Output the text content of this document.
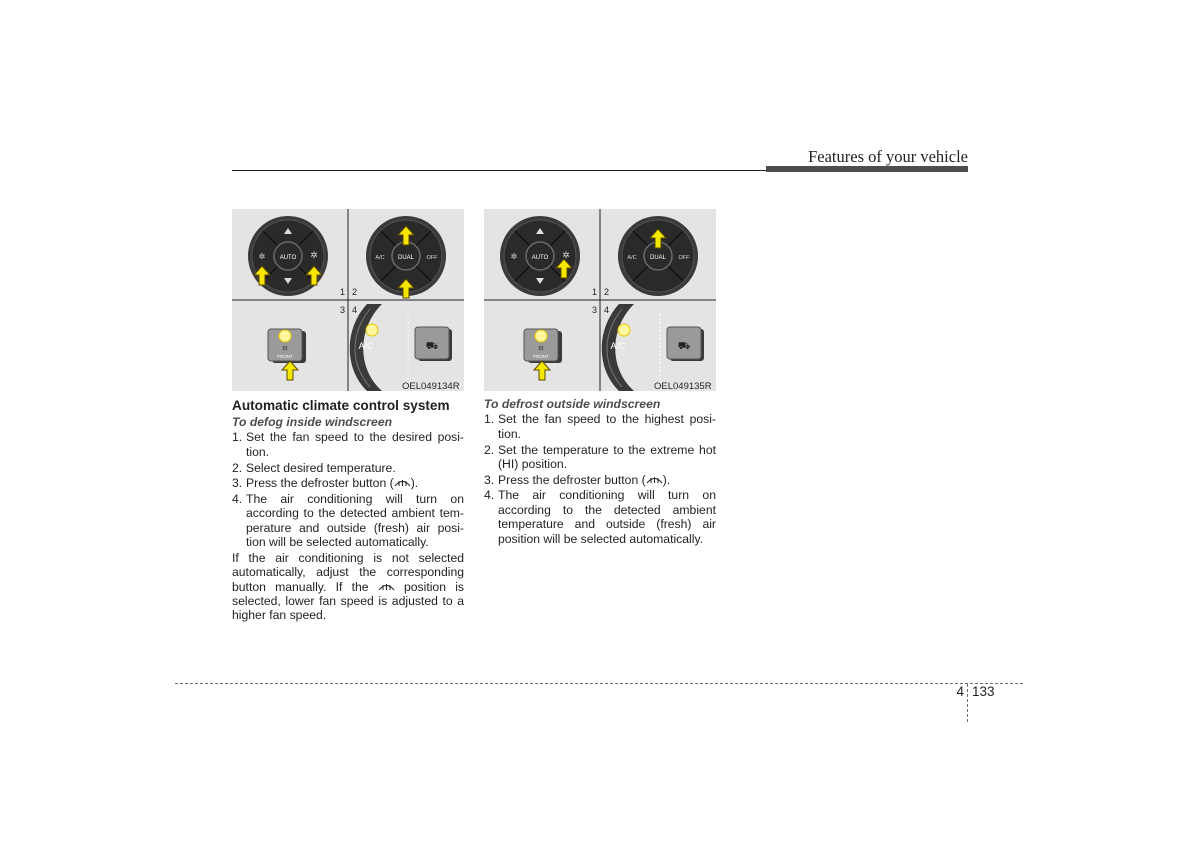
Features of your vehicle
AUTO
✲	✲
1 2
DUAL
A/C	OFF
3 4
𝍖
FRONT
A/C	⛟
OEL049134R
AUTO
✲	✲
1 2
DUAL
A/C	OFF
3 4
𝍖
FRONT
A/C	⛟
OEL049135R
Automatic climate control system
To defog inside windscreen
1. Set the fan speed to the desired posi- tion.
2. Select desired temperature.
3. Press the defroster button ( ).
4. The air conditioning will turn on according to the detected ambient tem- perature and outside (fresh) air posi- tion will be selected automatically.
If the air conditioning is not selected automatically, adjust the corresponding button manually. If the	position is selected, lower fan speed is adjusted to a higher fan speed.
To defrost outside windscreen
1. Set the fan speed to the highest posi- tion.
2. Set the temperature to the extreme hot (HI) position.
3. Press the defroster button ( ).
4. The air conditioning will turn on according to the detected ambient temperature and outside (fresh) air position will be selected automatically.
4 133
